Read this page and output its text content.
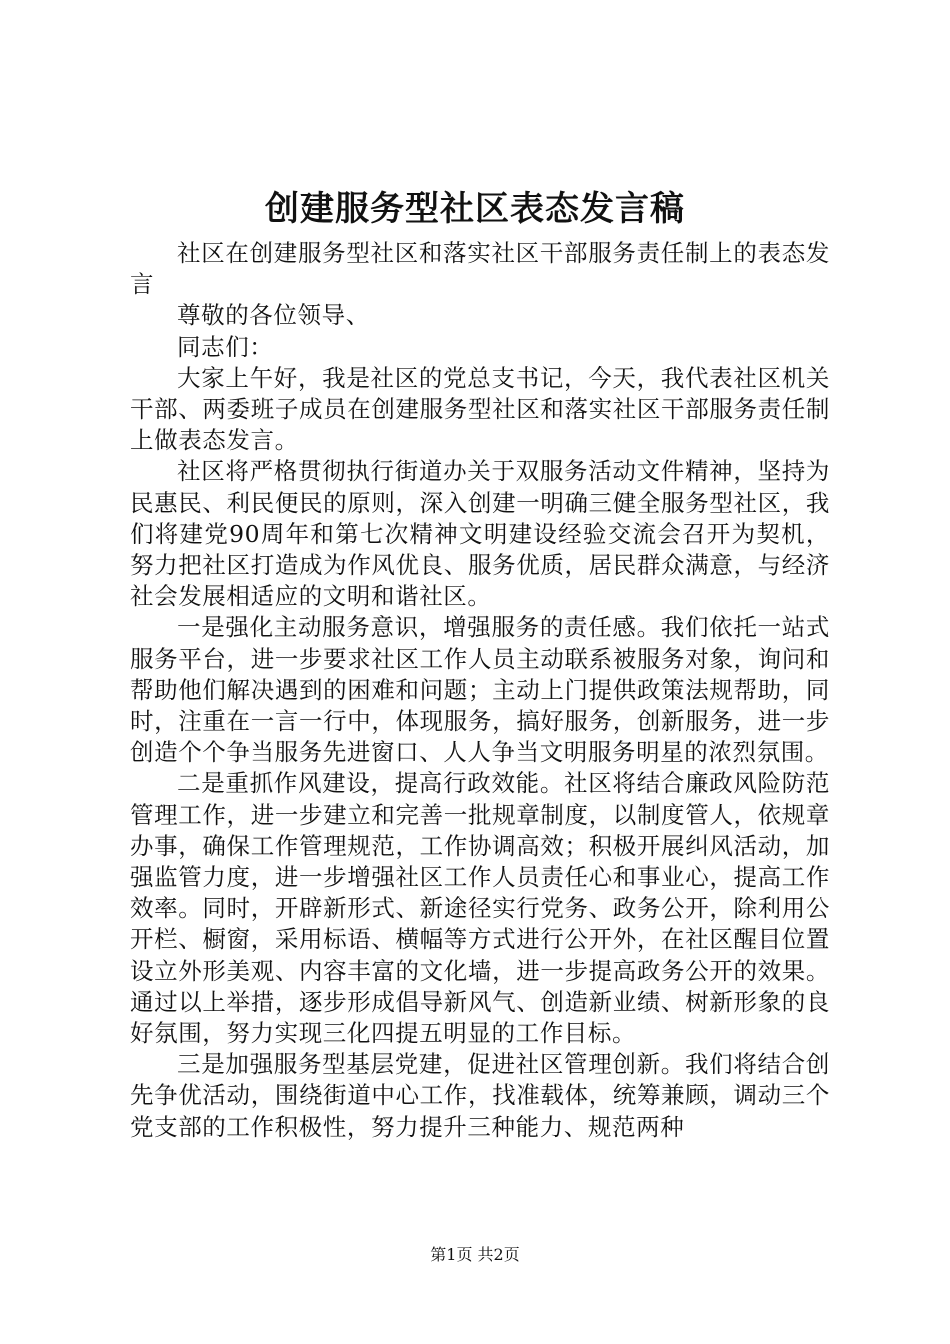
创建服务型社区表态发言稿

社区在创建服务型社区和落实社区干部服务责任制上的表态发言

尊敬的各位领导、

同志们：

大家上午好，我是社区的党总支书记，今天，我代表社区机关干部、两委班子成员在创建服务型社区和落实社区干部服务责任制上做表态发言。

社区将严格贯彻执行街道办关于双服务活动文件精神，坚持为民惠民、利民便民的原则，深入创建一明确三健全服务型社区，我们将建党90周年和第七次精神文明建设经验交流会召开为契机，努力把社区打造成为作风优良、服务优质，居民群众满意，与经济社会发展相适应的文明和谐社区。

一是强化主动服务意识，增强服务的责任感。我们依托一站式服务平台，进一步要求社区工作人员主动联系被服务对象，询问和帮助他们解决遇到的困难和问题；主动上门提供政策法规帮助，同时，注重在一言一行中，体现服务，搞好服务，创新服务，进一步创造个个争当服务先进窗口、人人争当文明服务明星的浓烈氛围。

二是重抓作风建设，提高行政效能。社区将结合廉政风险防范管理工作，进一步建立和完善一批规章制度，以制度管人，依规章办事，确保工作管理规范，工作协调高效；积极开展纠风活动，加强监管力度，进一步增强社区工作人员责任心和事业心，提高工作效率。同时，开辟新形式、新途径实行党务、政务公开，除利用公开栏、橱窗，采用标语、横幅等方式进行公开外，在社区醒目位置设立外形美观、内容丰富的文化墙，进一步提高政务公开的效果。通过以上举措，逐步形成倡导新风气、创造新业绩、树新形象的良好氛围，努力实现三化四提五明显的工作目标。

三是加强服务型基层党建，促进社区管理创新。我们将结合创先争优活动，围绕街道中心工作，找准载体，统筹兼顾，调动三个党支部的工作积极性，努力提升三种能力、规范两种

第1页 共2页
